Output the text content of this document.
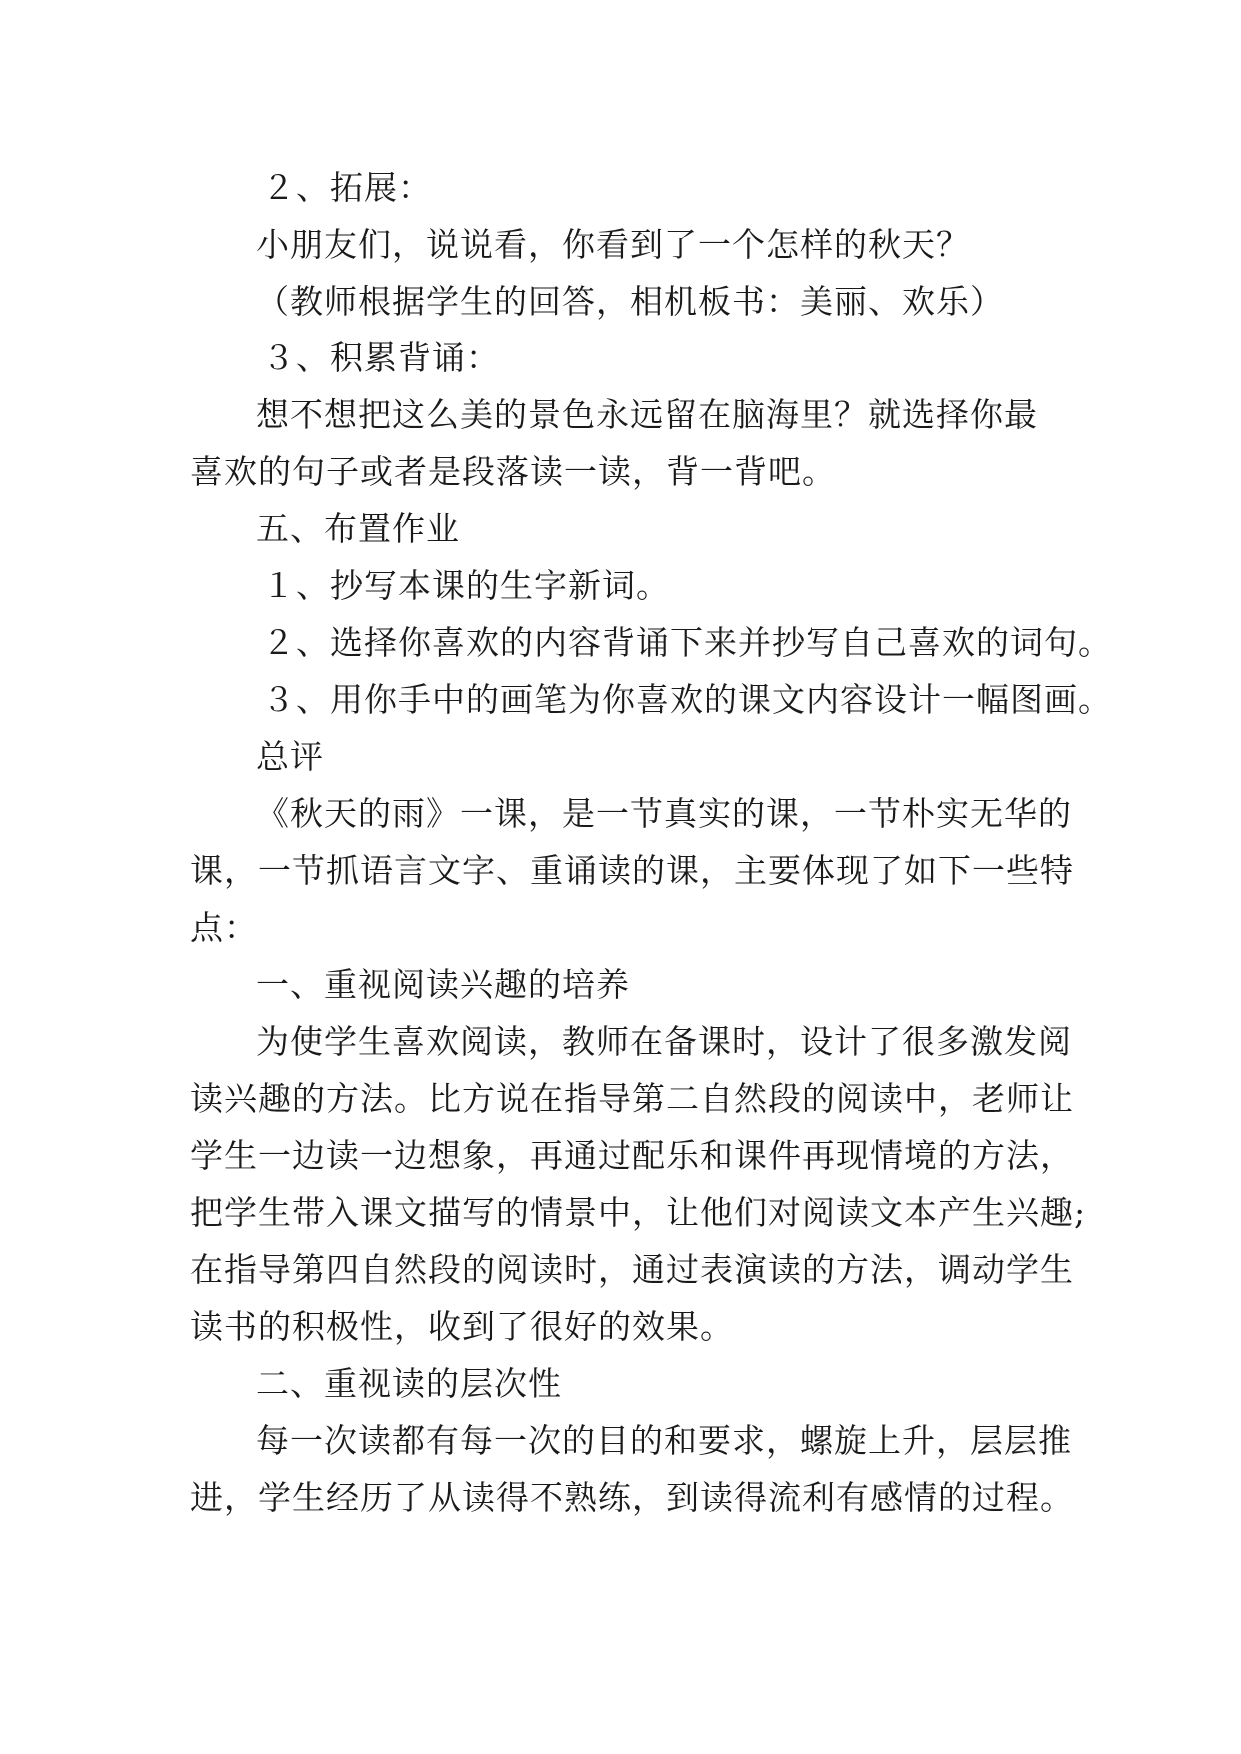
２、拓展：
小朋友们，说说看，你看到了一个怎样的秋天？
（教师根据学生的回答，相机板书：美丽、欢乐）
３、积累背诵：
想不想把这么美的景色永远留在脑海里？就选择你最
喜欢的句子或者是段落读一读，背一背吧。
五、布置作业
１、抄写本课的生字新词。
２、选择你喜欢的内容背诵下来并抄写自己喜欢的词句。
３、用你手中的画笔为你喜欢的课文内容设计一幅图画。
总评
《秋天的雨》一课，是一节真实的课，一节朴实无华的
课，一节抓语言文字、重诵读的课，主要体现了如下一些特
点：
一、重视阅读兴趣的培养
为使学生喜欢阅读，教师在备课时，设计了很多激发阅
读兴趣的方法。比方说在指导第二自然段的阅读中，老师让
学生一边读一边想象，再通过配乐和课件再现情境的方法，
把学生带入课文描写的情景中，让他们对阅读文本产生兴趣;
在指导第四自然段的阅读时，通过表演读的方法，调动学生
读书的积极性，收到了很好的效果。
二、重视读的层次性
每一次读都有每一次的目的和要求，螺旋上升，层层推
进，学生经历了从读得不熟练，到读得流利有感情的过程。
